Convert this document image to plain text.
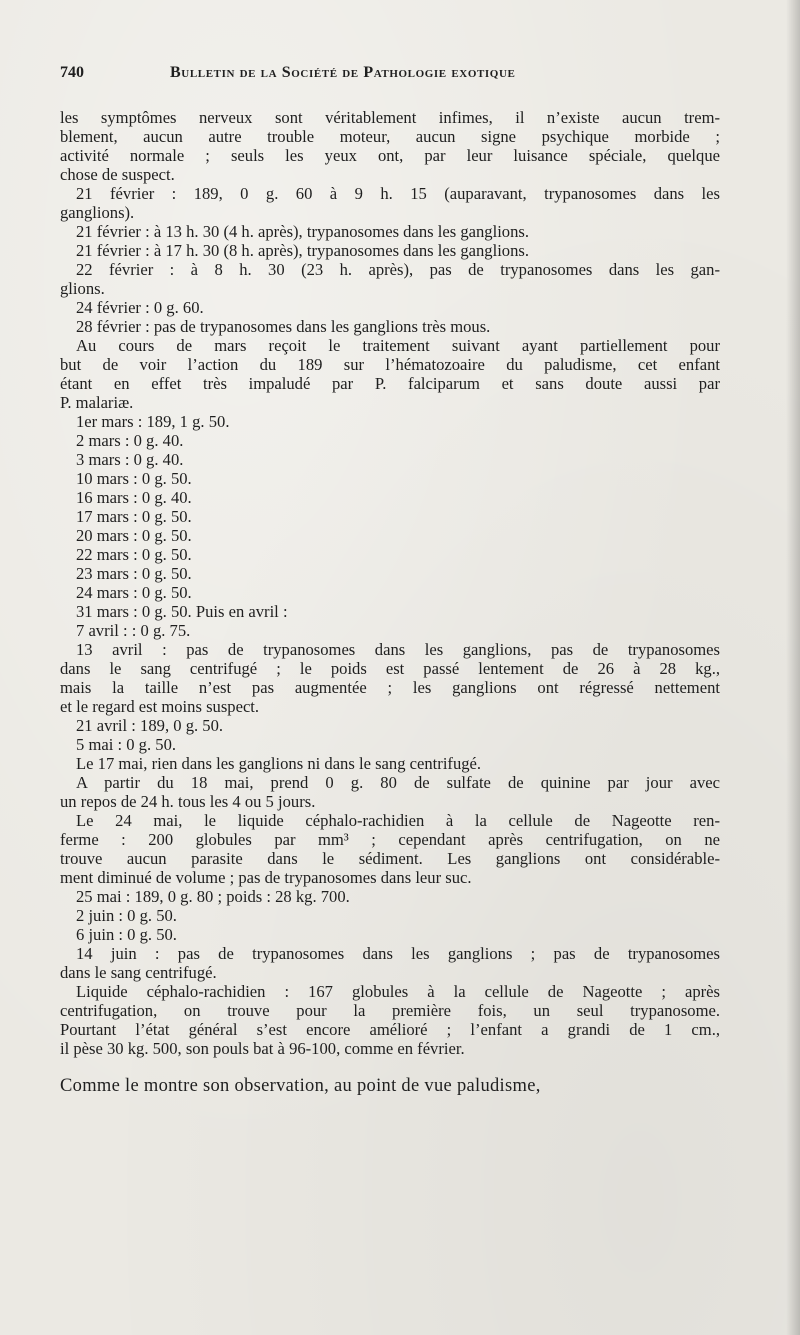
740	Bulletin de la Société de Pathologie exotique
les symptômes nerveux sont véritablement infimes, il n’existe aucun trem-
blement, aucun autre trouble moteur, aucun signe psychique morbide ;
activité normale ; seuls les yeux ont, par leur luisance spéciale, quelque
chose de suspect.
21 février : 189, 0 g. 60 à 9 h. 15 (auparavant, trypanosomes dans les
ganglions).
21 février : à 13 h. 30 (4 h. après), trypanosomes dans les ganglions.
21 février : à 17 h. 30 (8 h. après), trypanosomes dans les ganglions.
22 février : à 8 h. 30 (23 h. après), pas de trypanosomes dans les gan-
glions.
24 février : 0 g. 60.
28 février : pas de trypanosomes dans les ganglions très mous.
Au cours de mars reçoit le traitement suivant ayant partiellement pour
but de voir l’action du 189 sur l’hématozoaire du paludisme, cet enfant
étant en effet très impaludé par P. falciparum et sans doute aussi par
P. malariæ.
1er mars : 189, 1 g. 50.
2 mars : 0 g. 40.
3 mars : 0 g. 40.
10 mars : 0 g. 50.
16 mars : 0 g. 40.
17 mars : 0 g. 50.
20 mars : 0 g. 50.
22 mars : 0 g. 50.
23 mars : 0 g. 50.
24 mars : 0 g. 50.
31 mars : 0 g. 50. Puis en avril :
7 avril : : 0 g. 75.
13 avril : pas de trypanosomes dans les ganglions, pas de trypanosomes
dans le sang centrifugé ; le poids est passé lentement de 26 à 28 kg.,
mais la taille n’est pas augmentée ; les ganglions ont régressé nettement
et le regard est moins suspect.
21 avril : 189, 0 g. 50.
5 mai : 0 g. 50.
Le 17 mai, rien dans les ganglions ni dans le sang centrifugé.
A partir du 18 mai, prend 0 g. 80 de sulfate de quinine par jour avec
un repos de 24 h. tous les 4 ou 5 jours.
Le 24 mai, le liquide céphalo-rachidien à la cellule de Nageotte ren-
ferme : 200 globules par mm³ ; cependant après centrifugation, on ne
trouve aucun parasite dans le sédiment. Les ganglions ont considérable-
ment diminué de volume ; pas de trypanosomes dans leur suc.
25 mai : 189, 0 g. 80 ; poids : 28 kg. 700.
2 juin : 0 g. 50.
6 juin : 0 g. 50.
14 juin : pas de trypanosomes dans les ganglions ; pas de trypanosomes
dans le sang centrifugé.
Liquide céphalo-rachidien : 167 globules à la cellule de Nageotte ; après
centrifugation, on trouve pour la première fois, un seul trypanosome.
Pourtant l’état général s’est encore amélioré ; l’enfant a grandi de 1 cm.,
il pèse 30 kg. 500, son pouls bat à 96-100, comme en février.
Comme le montre son observation, au point de vue paludisme,
